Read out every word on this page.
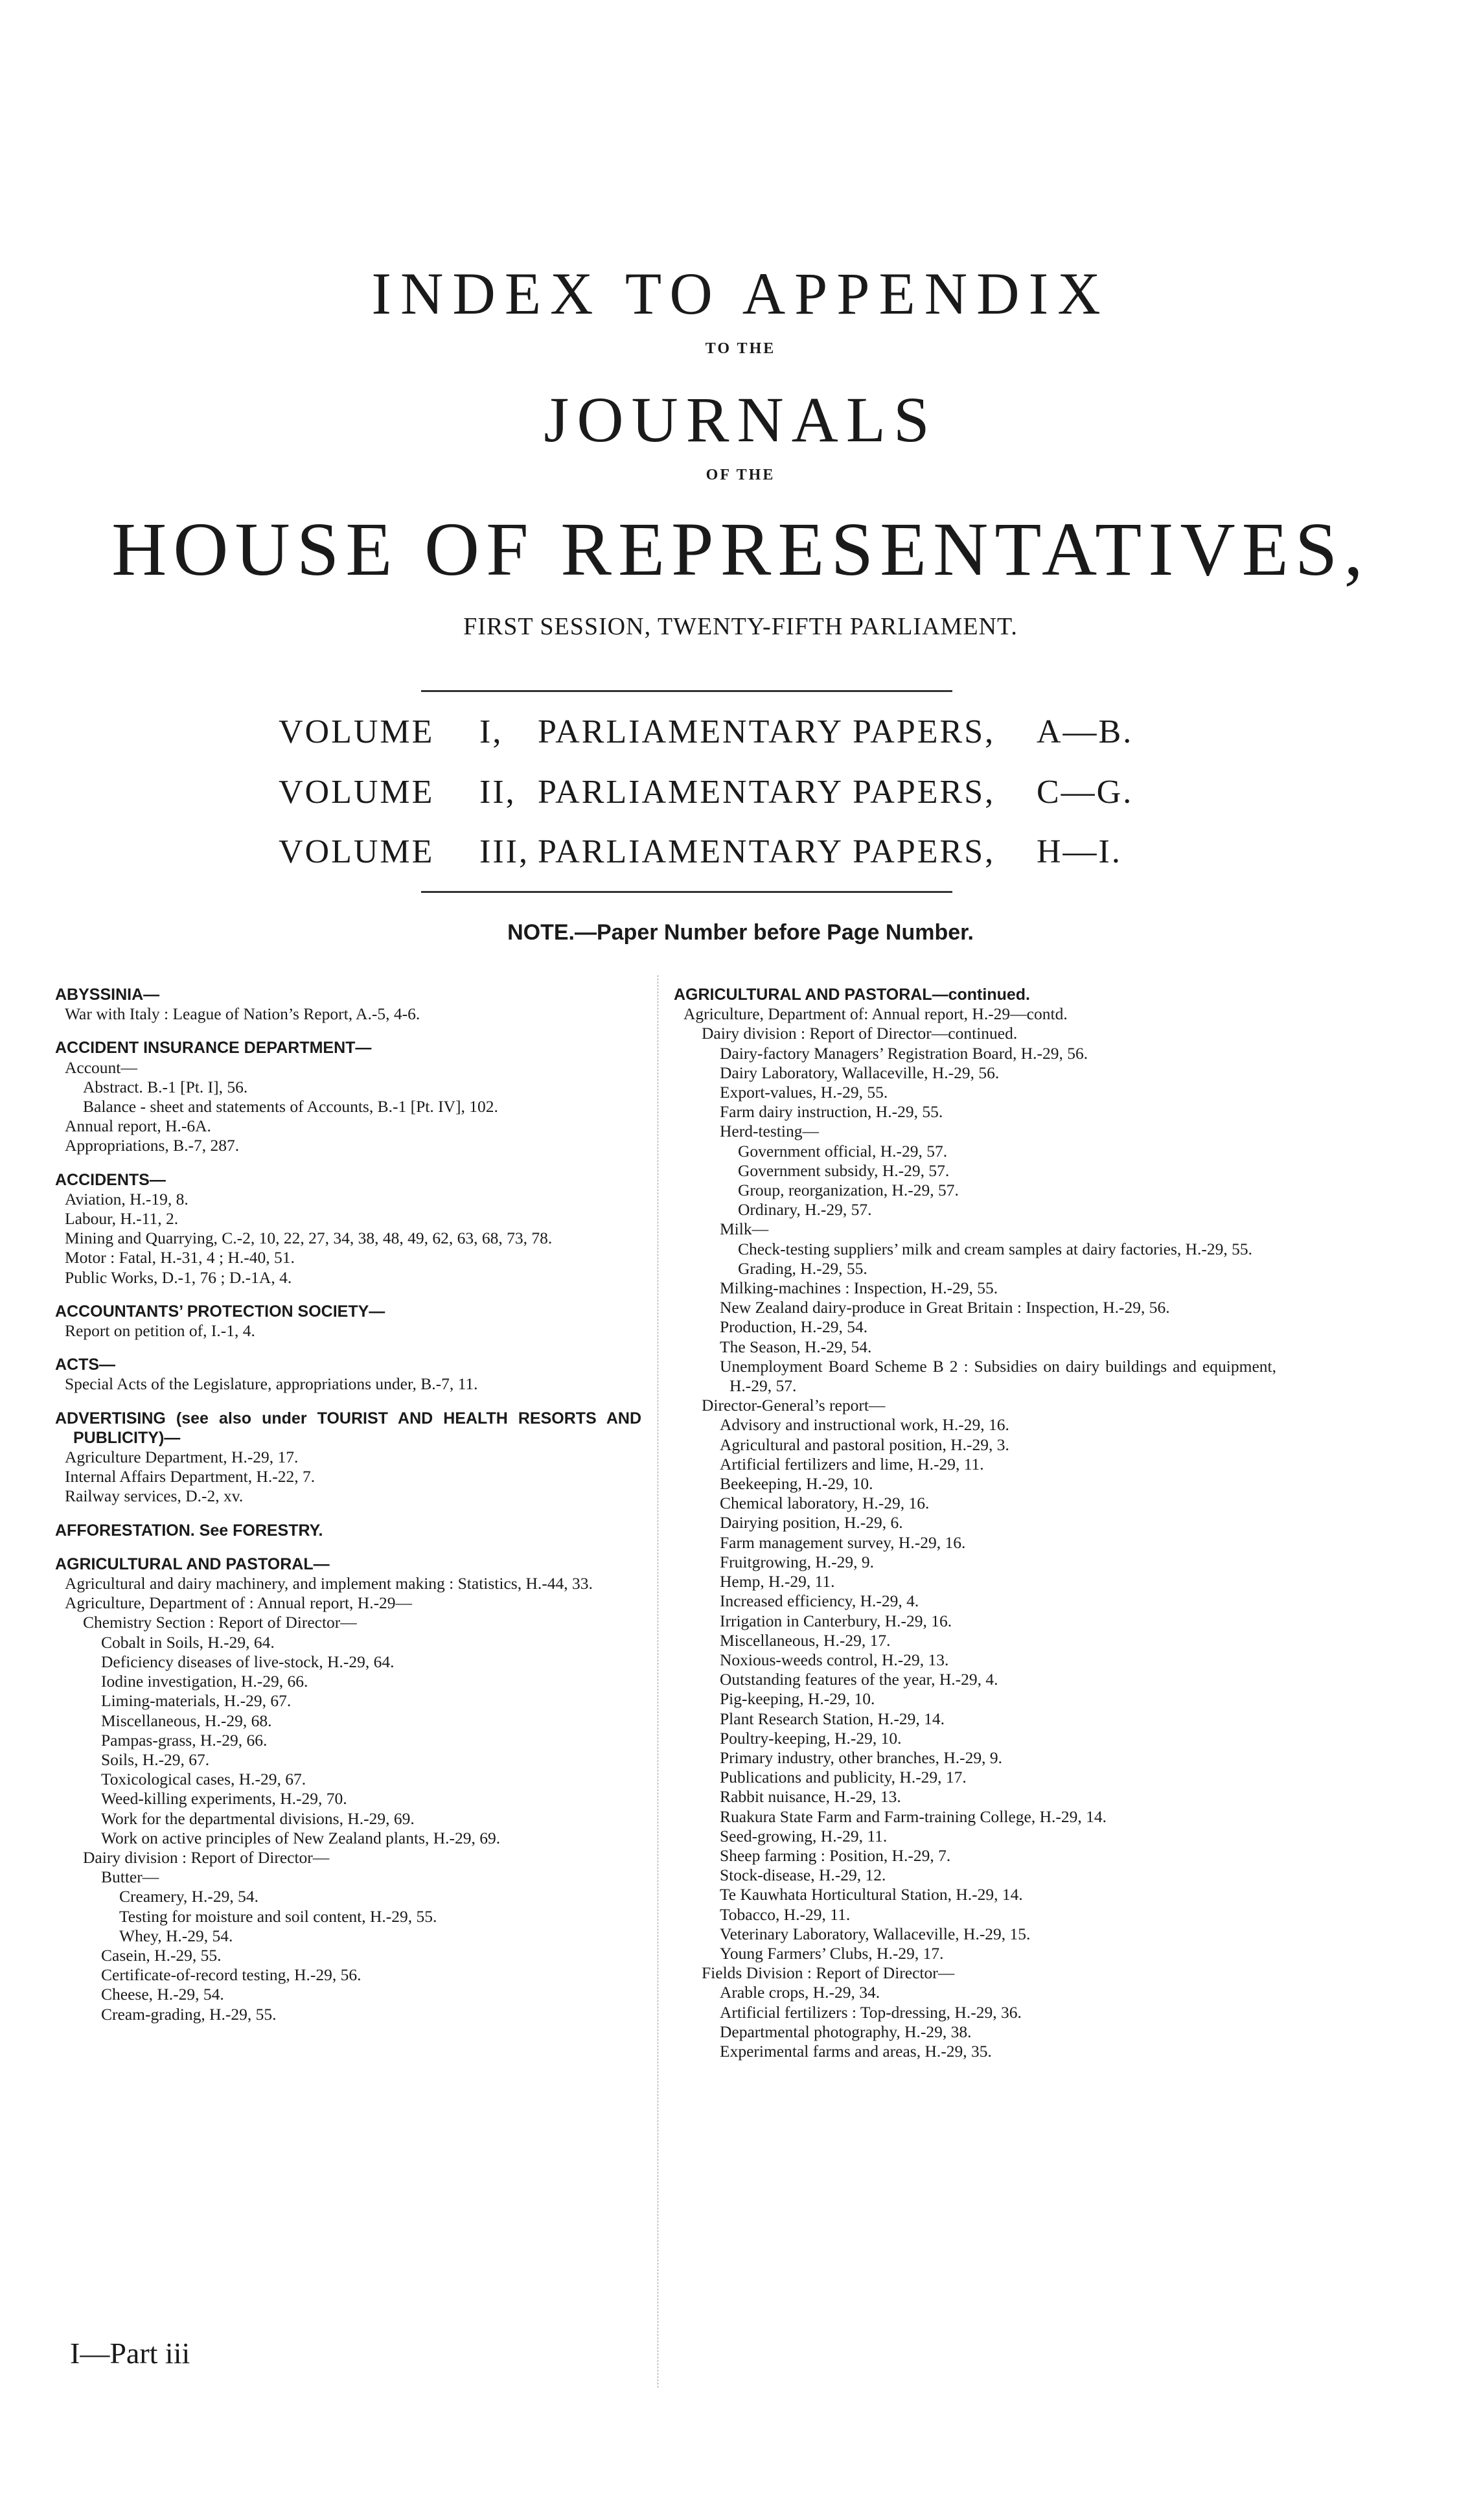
INDEX TO APPENDIX
TO THE
JOURNALS
OF THE
HOUSE OF REPRESENTATIVES,
FIRST SESSION, TWENTY-FIFTH PARLIAMENT.
VOLUME I, PARLIAMENTARY PAPERS, A—B.
VOLUME II, PARLIAMENTARY PAPERS, C—G.
VOLUME III, PARLIAMENTARY PAPERS, H—I.
NOTE.—Paper Number before Page Number.
ABYSSINIA—
War with Italy : League of Nation’s Report, A.-5, 4-6.
ACCIDENT INSURANCE DEPARTMENT—
Account—
Abstract. B.-1 [Pt. I], 56.
Balance - sheet and statements of Accounts, B.-1 [Pt. IV], 102.
Annual report, H.-6A.
Appropriations, B.-7, 287.
ACCIDENTS—
Aviation, H.-19, 8.
Labour, H.-11, 2.
Mining and Quarrying, C.-2, 10, 22, 27, 34, 38, 48, 49, 62, 63, 68, 73, 78.
Motor : Fatal, H.-31, 4 ; H.-40, 51.
Public Works, D.-1, 76 ; D.-1A, 4.
ACCOUNTANTS’ PROTECTION SOCIETY—
Report on petition of, I.-1, 4.
ACTS—
Special Acts of the Legislature, appropriations under, B.-7, 11.
ADVERTISING (see also under TOURIST AND HEALTH RESORTS AND PUBLICITY)—
Agriculture Department, H.-29, 17.
Internal Affairs Department, H.-22, 7.
Railway services, D.-2, xv.
AFFORESTATION. See FORESTRY.
AGRICULTURAL AND PASTORAL—
Agricultural and dairy machinery, and implement making : Statistics, H.-44, 33.
Agriculture, Department of : Annual report, H.-29—
Chemistry Section : Report of Director—
Cobalt in Soils, H.-29, 64.
Deficiency diseases of live-stock, H.-29, 64.
Iodine investigation, H.-29, 66.
Liming-materials, H.-29, 67.
Miscellaneous, H.-29, 68.
Pampas-grass, H.-29, 66.
Soils, H.-29, 67.
Toxicological cases, H.-29, 67.
Weed-killing experiments, H.-29, 70.
Work for the departmental divisions, H.-29, 69.
Work on active principles of New Zealand plants, H.-29, 69.
Dairy division : Report of Director—
Butter—
Creamery, H.-29, 54.
Testing for moisture and soil content, H.-29, 55.
Whey, H.-29, 54.
Casein, H.-29, 55.
Certificate-of-record testing, H.-29, 56.
Cheese, H.-29, 54.
Cream-grading, H.-29, 55.
AGRICULTURAL AND PASTORAL—continued.
Agriculture, Department of: Annual report, H.-29—contd.
Dairy division : Report of Director—continued.
Dairy-factory Managers’ Registration Board, H.-29, 56.
Dairy Laboratory, Wallaceville, H.-29, 56.
Export-values, H.-29, 55.
Farm dairy instruction, H.-29, 55.
Herd-testing—
Government official, H.-29, 57.
Government subsidy, H.-29, 57.
Group, reorganization, H.-29, 57.
Ordinary, H.-29, 57.
Milk—
Check-testing suppliers’ milk and cream samples at dairy factories, H.-29, 55.
Grading, H.-29, 55.
Milking-machines : Inspection, H.-29, 55.
New Zealand dairy-produce in Great Britain : Inspection, H.-29, 56.
Production, H.-29, 54.
The Season, H.-29, 54.
Unemployment Board Scheme B 2 : Subsidies on dairy buildings and equipment, H.-29, 57.
Director-General’s report—
Advisory and instructional work, H.-29, 16.
Agricultural and pastoral position, H.-29, 3.
Artificial fertilizers and lime, H.-29, 11.
Beekeeping, H.-29, 10.
Chemical laboratory, H.-29, 16.
Dairying position, H.-29, 6.
Farm management survey, H.-29, 16.
Fruitgrowing, H.-29, 9.
Hemp, H.-29, 11.
Increased efficiency, H.-29, 4.
Irrigation in Canterbury, H.-29, 16.
Miscellaneous, H.-29, 17.
Noxious-weeds control, H.-29, 13.
Outstanding features of the year, H.-29, 4.
Pig-keeping, H.-29, 10.
Plant Research Station, H.-29, 14.
Poultry-keeping, H.-29, 10.
Primary industry, other branches, H.-29, 9.
Publications and publicity, H.-29, 17.
Rabbit nuisance, H.-29, 13.
Ruakura State Farm and Farm-training College, H.-29, 14.
Seed-growing, H.-29, 11.
Sheep farming : Position, H.-29, 7.
Stock-disease, H.-29, 12.
Te Kauwhata Horticultural Station, H.-29, 14.
Tobacco, H.-29, 11.
Veterinary Laboratory, Wallaceville, H.-29, 15.
Young Farmers’ Clubs, H.-29, 17.
Fields Division : Report of Director—
Arable crops, H.-29, 34.
Artificial fertilizers : Top-dressing, H.-29, 36.
Departmental photography, H.-29, 38.
Experimental farms and areas, H.-29, 35.
I—Part iii
